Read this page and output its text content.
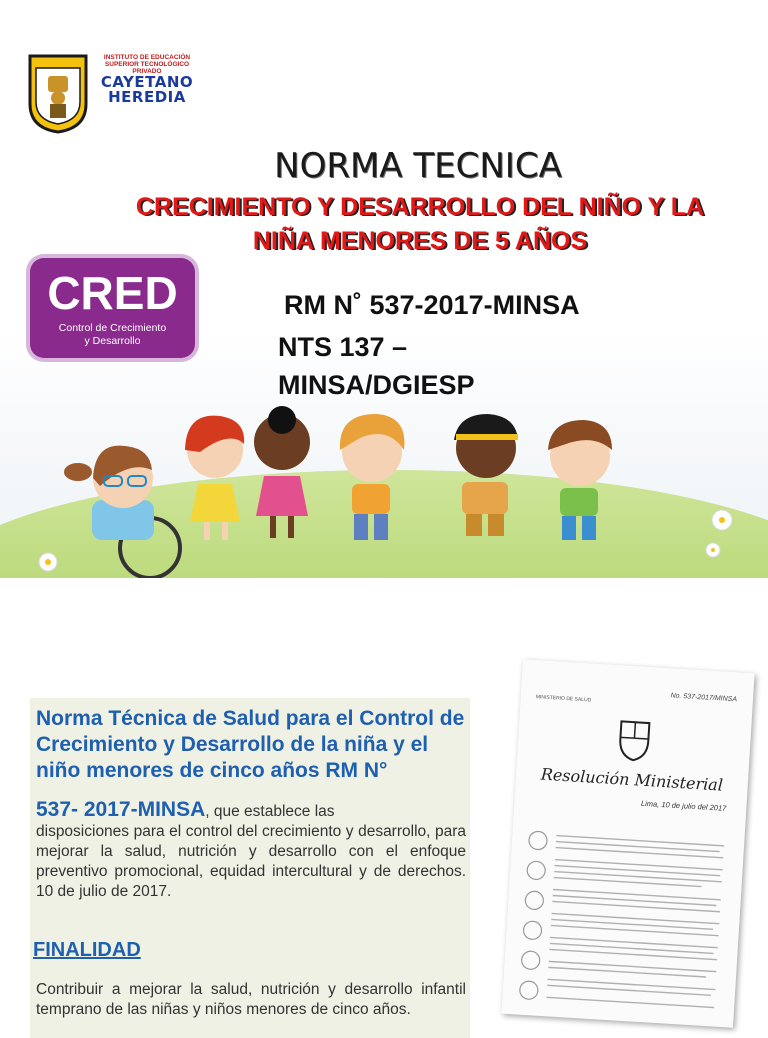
INSTITUTO DE EDUCACIÓN
SUPERIOR TECNOLÓGICO
PRIVADO
CAYETANO
HEREDIA
NORMA TECNICA
CRECIMIENTO Y DESARROLLO DEL NIÑO Y LA
NIÑA MENORES DE 5 AÑOS
CRED
Control de Crecimiento
y Desarrollo
RM N˚ 537-2017-MINSA
NTS 137 –
MINSA/DGIESP
Norma Técnica de Salud para el Control de Crecimiento y Desarrollo de la niña y el niño menores de cinco años RM N°

537- 2017-MINSA, que establece las

disposiciones para el control del crecimiento y desarrollo, para mejorar la salud, nutrición y desarrollo con el enfoque preventivo promocional, equidad intercultural y de derechos. 10 de julio de 2017.

FINALIDAD
Contribuir a mejorar la salud, nutrición y desarrollo infantil temprano de las niñas y niños menores de cinco años.
MINISTERIO DE SALUD	No. 537-2017/MINSA
Resolución Ministerial
Lima, 10 de julio del 2017
